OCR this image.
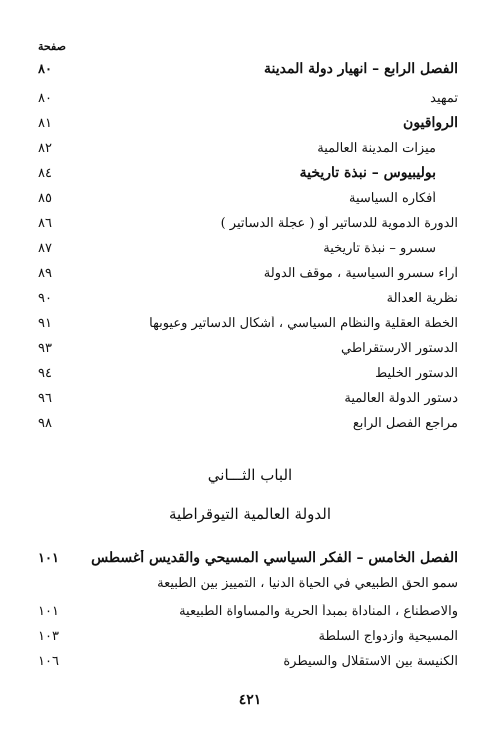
صفحة
٨٠	الفصل الرابع – انهيار دولة المدينة
٨٠	تمهيد
٨١	الرواقيون
٨٢	ميزات المدينة العالمية
٨٤	بوليبيوس – نبذة تاريخية
٨٥	أفكاره السياسية
٨٦	الدورة الدموية للدساتير أو ( عجلة الدساتير )
٨٧	سسرو – نبذة تاريخية
٨٩	آراء سسرو السياسية ، موقف الدولة
٩٠	نظرية العدالة
٩١	الخطة العقلية والنظام السياسي ، أشكال الدساتير وعيوبها
٩٣	الدستور الارستقراطي
٩٤	الدستور الخليط
٩٦	دستور الدولة العالمية
٩٨	مراجع الفصل الرابع
الباب الثـــاني
الدولة العالمية التيوقراطية
١٠١	الفصل الخامس – الفكر السياسي المسيحي والقديس أغسطس
سمو الحق الطبيعي في الحياة الدنيا ، التمييز بين الطبيعة
١٠١	والاصطناع ، المناداة بمبدأ الحرية والمساواة الطبيعية
١٠٣	المسيحية وازدواج السلطة
١٠٦	الكنيسة بين الاستقلال والسيطرة
٤٢١
